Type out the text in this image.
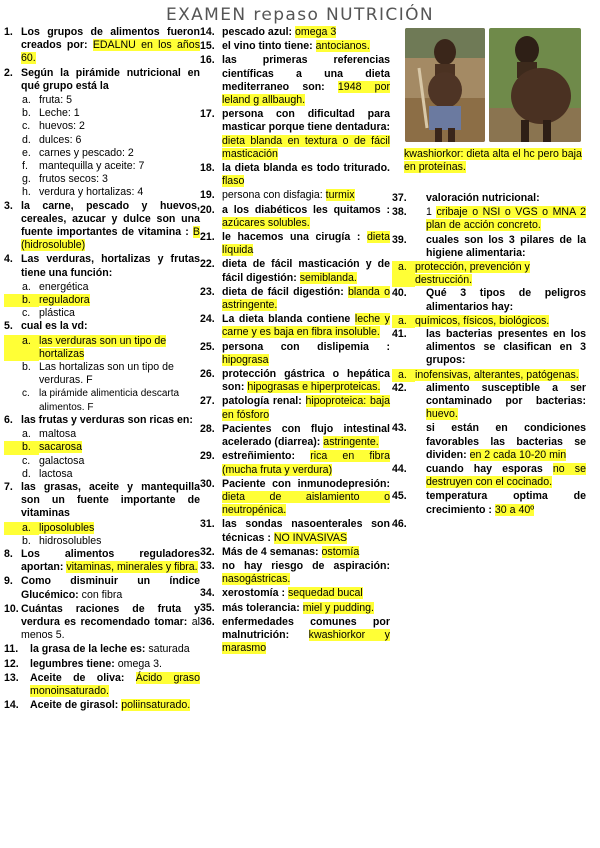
EXAMEN repaso NUTRICIÓN
1. Los grupos de alimentos fueron creados por: EDALNU en los años 60.
2. Según la pirámide nutricional en qué grupo está la
a. fruta: 5
b. Leche: 1
c. huevos: 2
d. dulces: 6
e. carnes y pescado: 2
f.	mantequilla y aceite: 7
g. frutos secos: 3
h. verdura y hortalizas: 4
3. la carne, pescado y huevos, cereales, azucar y dulce son una fuente importantes de vitamina : B (hidrosoluble)
4. Las verduras, hortalizas y frutas tiene una función:
a. energética
b. reguladora
c. plástica
5. cual es la vd:
a. las verduras son un tipo de hortalizas
b. Las hortalizas son un tipo de verduras. F
c. la pirámide alimenticia descarta alimentos. F
6. las frutas y verduras son ricas en:
a. maltosa
b. sacarosa
c. galactosa
d. lactosa
7. las grasas, aceite y mantequilla son un fuente importante de vitaminas
a. liposolubles
b. hidrosolubles
8. Los alimentos reguladores aportan: vitaminas, minerales y fibra.
9. Como disminuir un índice Glucémico: con fibra
10. Cuántas raciones de fruta y verdura es recomendado tomar: al menos 5.
11.	la grasa de la leche es: saturada
12.	legumbres tiene: omega 3.
13.	Aceite de oliva: Ácido graso monoinsaturado.
14.	Aceite de girasol: poliinsaturado.
14. pescado azul: omega 3
15. el vino tinto tiene: antocianos.
16. las primeras referencias científicas a una dieta mediterraneo son: 1948 por leland g allbaugh.
17. persona con dificultad para masticar porque tiene dentadura: dieta blanda en textura o de fácil masticación
18. la dieta blanda es todo triturado. flaso
19. persona con disfagia: turmix
20. a los diabéticos les quitamos : azúcares solubles.
21. le hacemos una cirugía : dieta líquida
22. dieta de fácil masticación y de fácil digestión: semiblanda.
23. dieta de fácil digestión: blanda o astringente.
24. La dieta blanda contiene leche y carne y es baja en fibra insoluble.
25. persona con dislipemia : hipograsa
26. protección gástrica o hepática son: hipograsas e hiperproteicas.
27. patología renal: hipoproteica: baja en fósforo
28. Pacientes con flujo intestinal acelerado (diarrea): astringente.
29. estreñimiento: rica en fibra (mucha fruta y verdura)
30. Paciente con inmunodepresión: dieta de aislamiento o neutropénica.
31. las sondas nasoenterales son técnicas : NO INVASIVAS
32. Más de 4 semanas: ostomía
33. no hay riesgo de aspiración: nasogástricas.
34. xerostomía : sequedad bucal
35. más tolerancia: miel y pudding.
36. enfermedades comunes por malnutrición: kwashiorkor y marasmo
kwashiorkor: dieta alta el hc pero baja en proteínas.
37.	valoración nutricional:
38.	1 cribaje o NSI o VGS o MNA 2 plan de acción concreto.
39.	cuales son los 3 pilares de la higiene alimentaria:
a. protección, prevención y destrucción.
40.	Qué 3 tipos de peligros alimentarios hay:
a. químicos, físicos, biológicos.
41.	las bacterias presentes en los alimentos se clasifican en 3 grupos:
a. inofensivas, alterantes, patógenas.
42.	alimento susceptible a ser contaminado por bacterias: huevo.
43.	si están en condiciones favorables las bacterias se dividen: en 2 cada 10-20 min
44.	cuando hay esporas no se destruyen con el cocinado.
45.	temperatura optima de crecimiento : 30 a 40º
46.
